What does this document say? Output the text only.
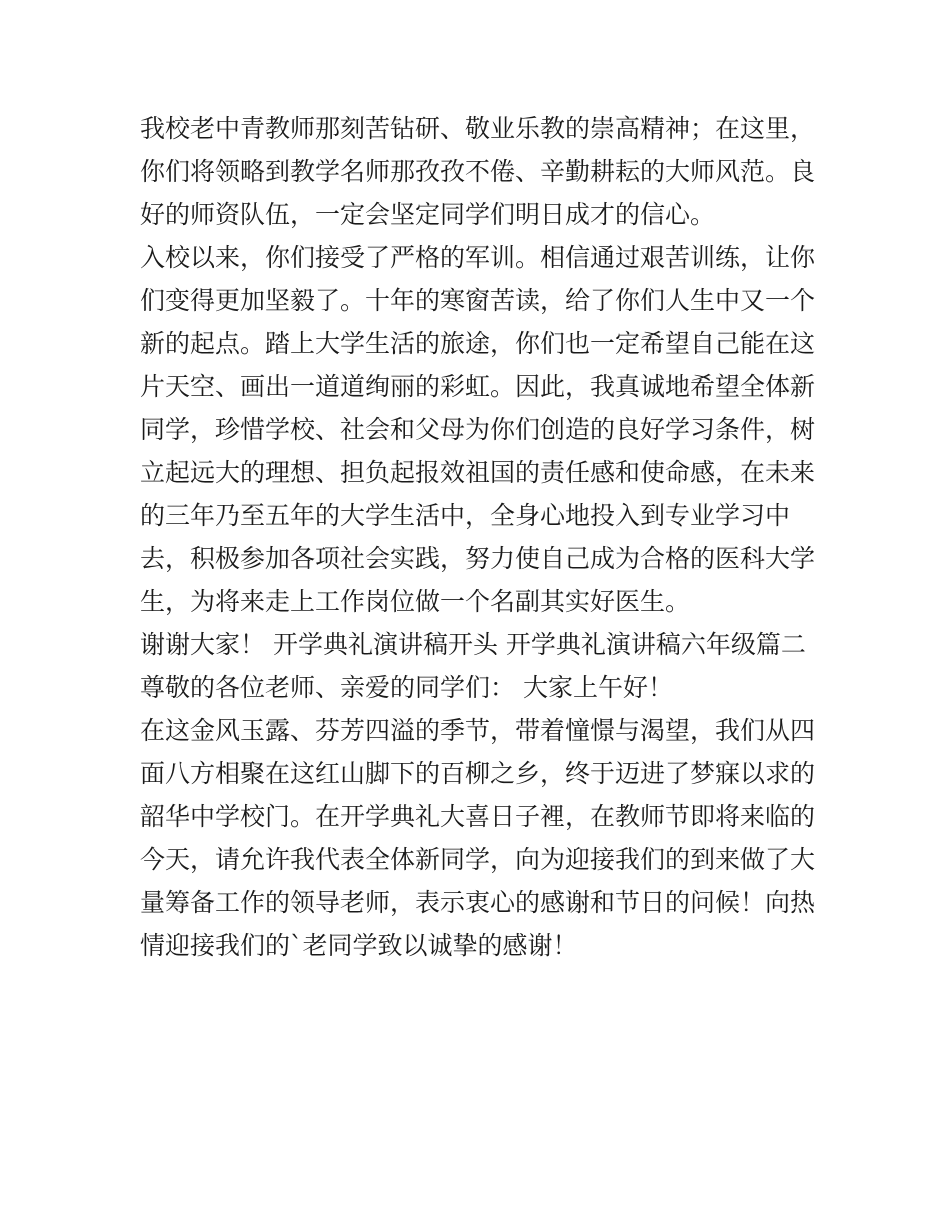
我校老中青教师那刻苦钻研、敬业乐教的崇高精神；在这里，
你们将领略到教学名师那孜孜不倦、辛勤耕耘的大师风范。良
好的师资队伍，一定会坚定同学们明日成才的信心。
入校以来，你们接受了严格的军训。相信通过艰苦训练，让你
们变得更加坚毅了。十年的寒窗苦读，给了你们人生中又一个
新的起点。踏上大学生活的旅途，你们也一定希望自己能在这
片天空、画出一道道绚丽的彩虹。因此，我真诚地希望全体新
同学，珍惜学校、社会和父母为你们创造的良好学习条件，树
立起远大的理想、担负起报效祖国的责任感和使命感，在未来
的三年乃至五年的大学生活中，全身心地投入到专业学习中
去，积极参加各项社会实践，努力使自己成为合格的医科大学
生，为将来走上工作岗位做一个名副其实好医生。
谢谢大家！ 开学典礼演讲稿开头 开学典礼演讲稿六年级篇二
尊敬的各位老师、亲爱的同学们： 大家上午好！
在这金风玉露、芬芳四溢的季节，带着憧憬与渴望，我们从四
面八方相聚在这红山脚下的百柳之乡，终于迈进了梦寐以求的
韶华中学校门。在开学典礼大喜日子裡，在教师节即将来临的
今天，请允许我代表全体新同学，向为迎接我们的到来做了大
量筹备工作的领导老师，表示衷心的感谢和节日的问候！向热
情迎接我们的`老同学致以诚挚的感谢！
